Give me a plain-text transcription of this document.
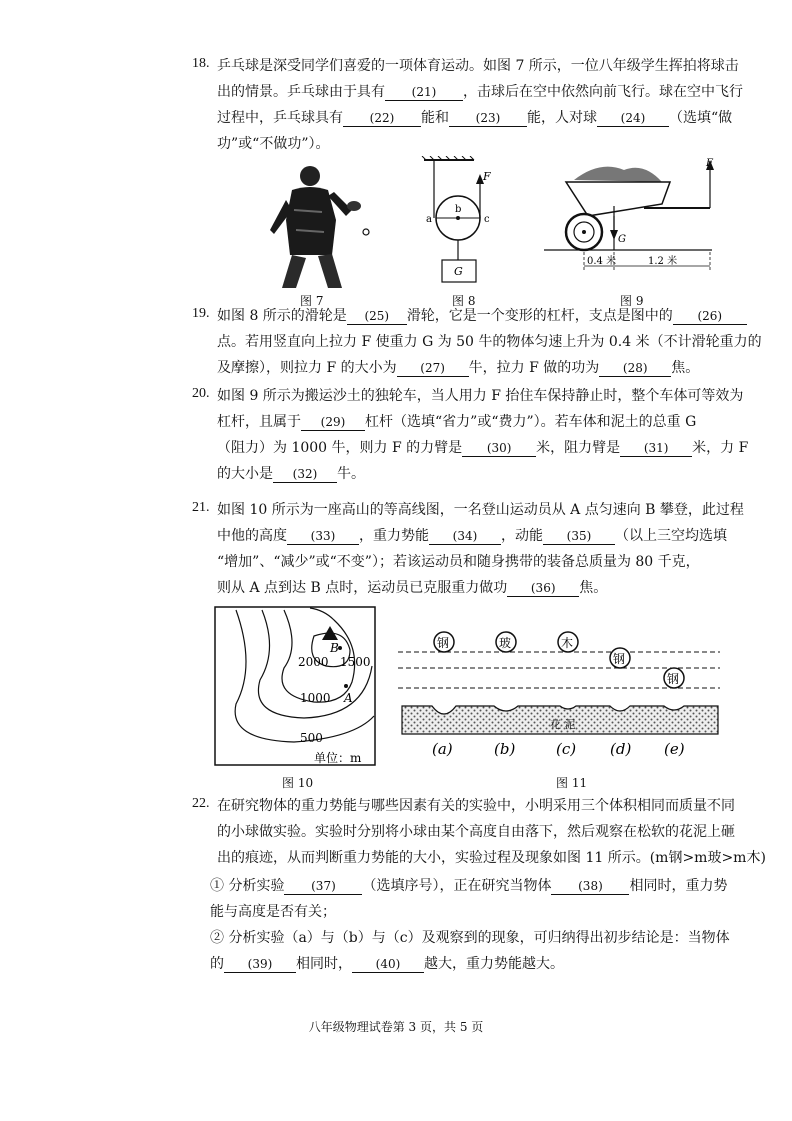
18. 乒乓球是深受同学们喜爱的一项体育运动。如图 7 所示，一位八年级学生挥拍将球击
出的情景。乒乓球由于具有 (21) ，击球后在空中依然向前飞行。球在空中飞行
过程中，乒乓球具有 (22) 能和 (23) 能，人对球 (24) （选填“做
功”或“不做功”）。
图 7
F
a
b
c
G
图 8
F
G
0.4 米	1.2 米
图 9
19. 如图 8 所示的滑轮是 (25) 滑轮，它是一个变形的杠杆，支点是图中的 (26)
点。若用竖直向上拉力 F 使重力 G 为 50 牛的物体匀速上升为 0.4 米（不计滑轮重力的
及摩擦），则拉力 F 的大小为 (27) 牛，拉力 F 做的功为 (28) 焦。
20. 如图 9 所示为搬运沙土的独轮车，当人用力 F 抬住车保持静止时，整个车体可等效为
杠杆，且属于 (29) 杠杆（选填“省力”或“费力”）。若车体和泥土的总重 G
（阻力）为 1000 牛，则力 F 的力臂是 (30) 米，阻力臂是 (31) 米，力 F
的大小是 (32) 牛。
21. 如图 10 所示为一座高山的等高线图，一名登山运动员从 A 点匀速向 B 攀登，此过程
中他的高度 (33) ，重力势能 (34) ，动能 (35) （以上三空均选填
“增加”、“减少”或“不变”）；若该运动员和随身携带的装备总质量为 80 千克，
则从 A 点到达 B 点时，运动员已克服重力做功 (36) 焦。
B
A
2000 1500
1000
500
单位：m
图 10
钢	玻	木
钢
钢
花 泥
(a)	(b)	(c) (d) (e)
图 11
22. 在研究物体的重力势能与哪些因素有关的实验中，小明采用三个体积相同而质量不同
的小球做实验。实验时分别将小球由某个高度自由落下，然后观察在松软的花泥上砸
出的痕迹，从而判断重力势能的大小，实验过程及现象如图 11 所示。(m钢>m玻>m木)
① 分析实验 (37) （选填序号），正在研究当物体 (38) 相同时，重力势
能与高度是否有关；
② 分析实验（a）与（b）与（c）及观察到的现象，可归纳得出初步结论是：当物体
的 (39) 相同时， (40) 越大，重力势能越大。
八年级物理试卷第 3 页，共 5 页
